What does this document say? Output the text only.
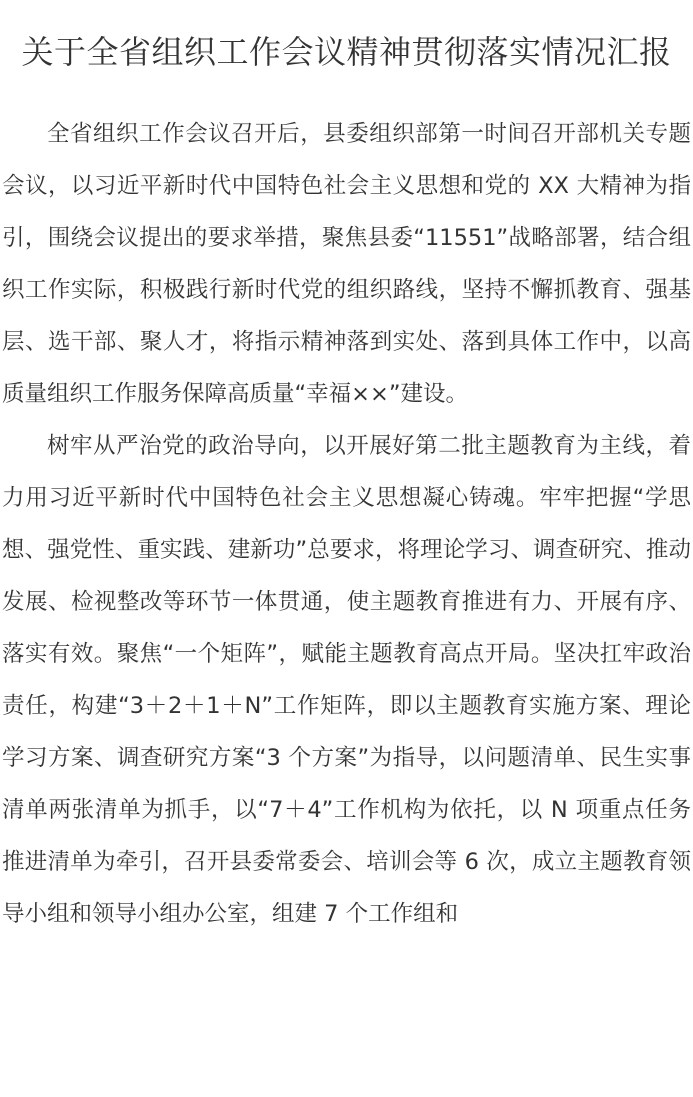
关于全省组织工作会议精神贯彻落实情况汇报

全省组织工作会议召开后，县委组织部第一时间召开部机关专题会议，以习近平新时代中国特色社会主义思想和党的 XX 大精神为指引，围绕会议提出的要求举措，聚焦县委“11551”战略部署，结合组织工作实际，积极践行新时代党的组织路线，坚持不懈抓教育、强基层、选干部、聚人才，将指示精神落到实处、落到具体工作中，以高质量组织工作服务保障高质量“幸福××”建设。

树牢从严治党的政治导向，以开展好第二批主题教育为主线，着力用习近平新时代中国特色社会主义思想凝心铸魂。牢牢把握“学思想、强党性、重实践、建新功”总要求，将理论学习、调查研究、推动发展、检视整改等环节一体贯通，使主题教育推进有力、开展有序、落实有效。聚焦“一个矩阵”，赋能主题教育高点开局。坚决扛牢政治责任，构建“3＋2＋1＋N”工作矩阵，即以主题教育实施方案、理论学习方案、调查研究方案“3 个方案”为指导，以问题清单、民生实事清单两张清单为抓手，以“7＋4”工作机构为依托，以 N 项重点任务推进清单为牵引，召开县委常委会、培训会等 6 次，成立主题教育领导小组和领导小组办公室，组建 7 个工作组和
